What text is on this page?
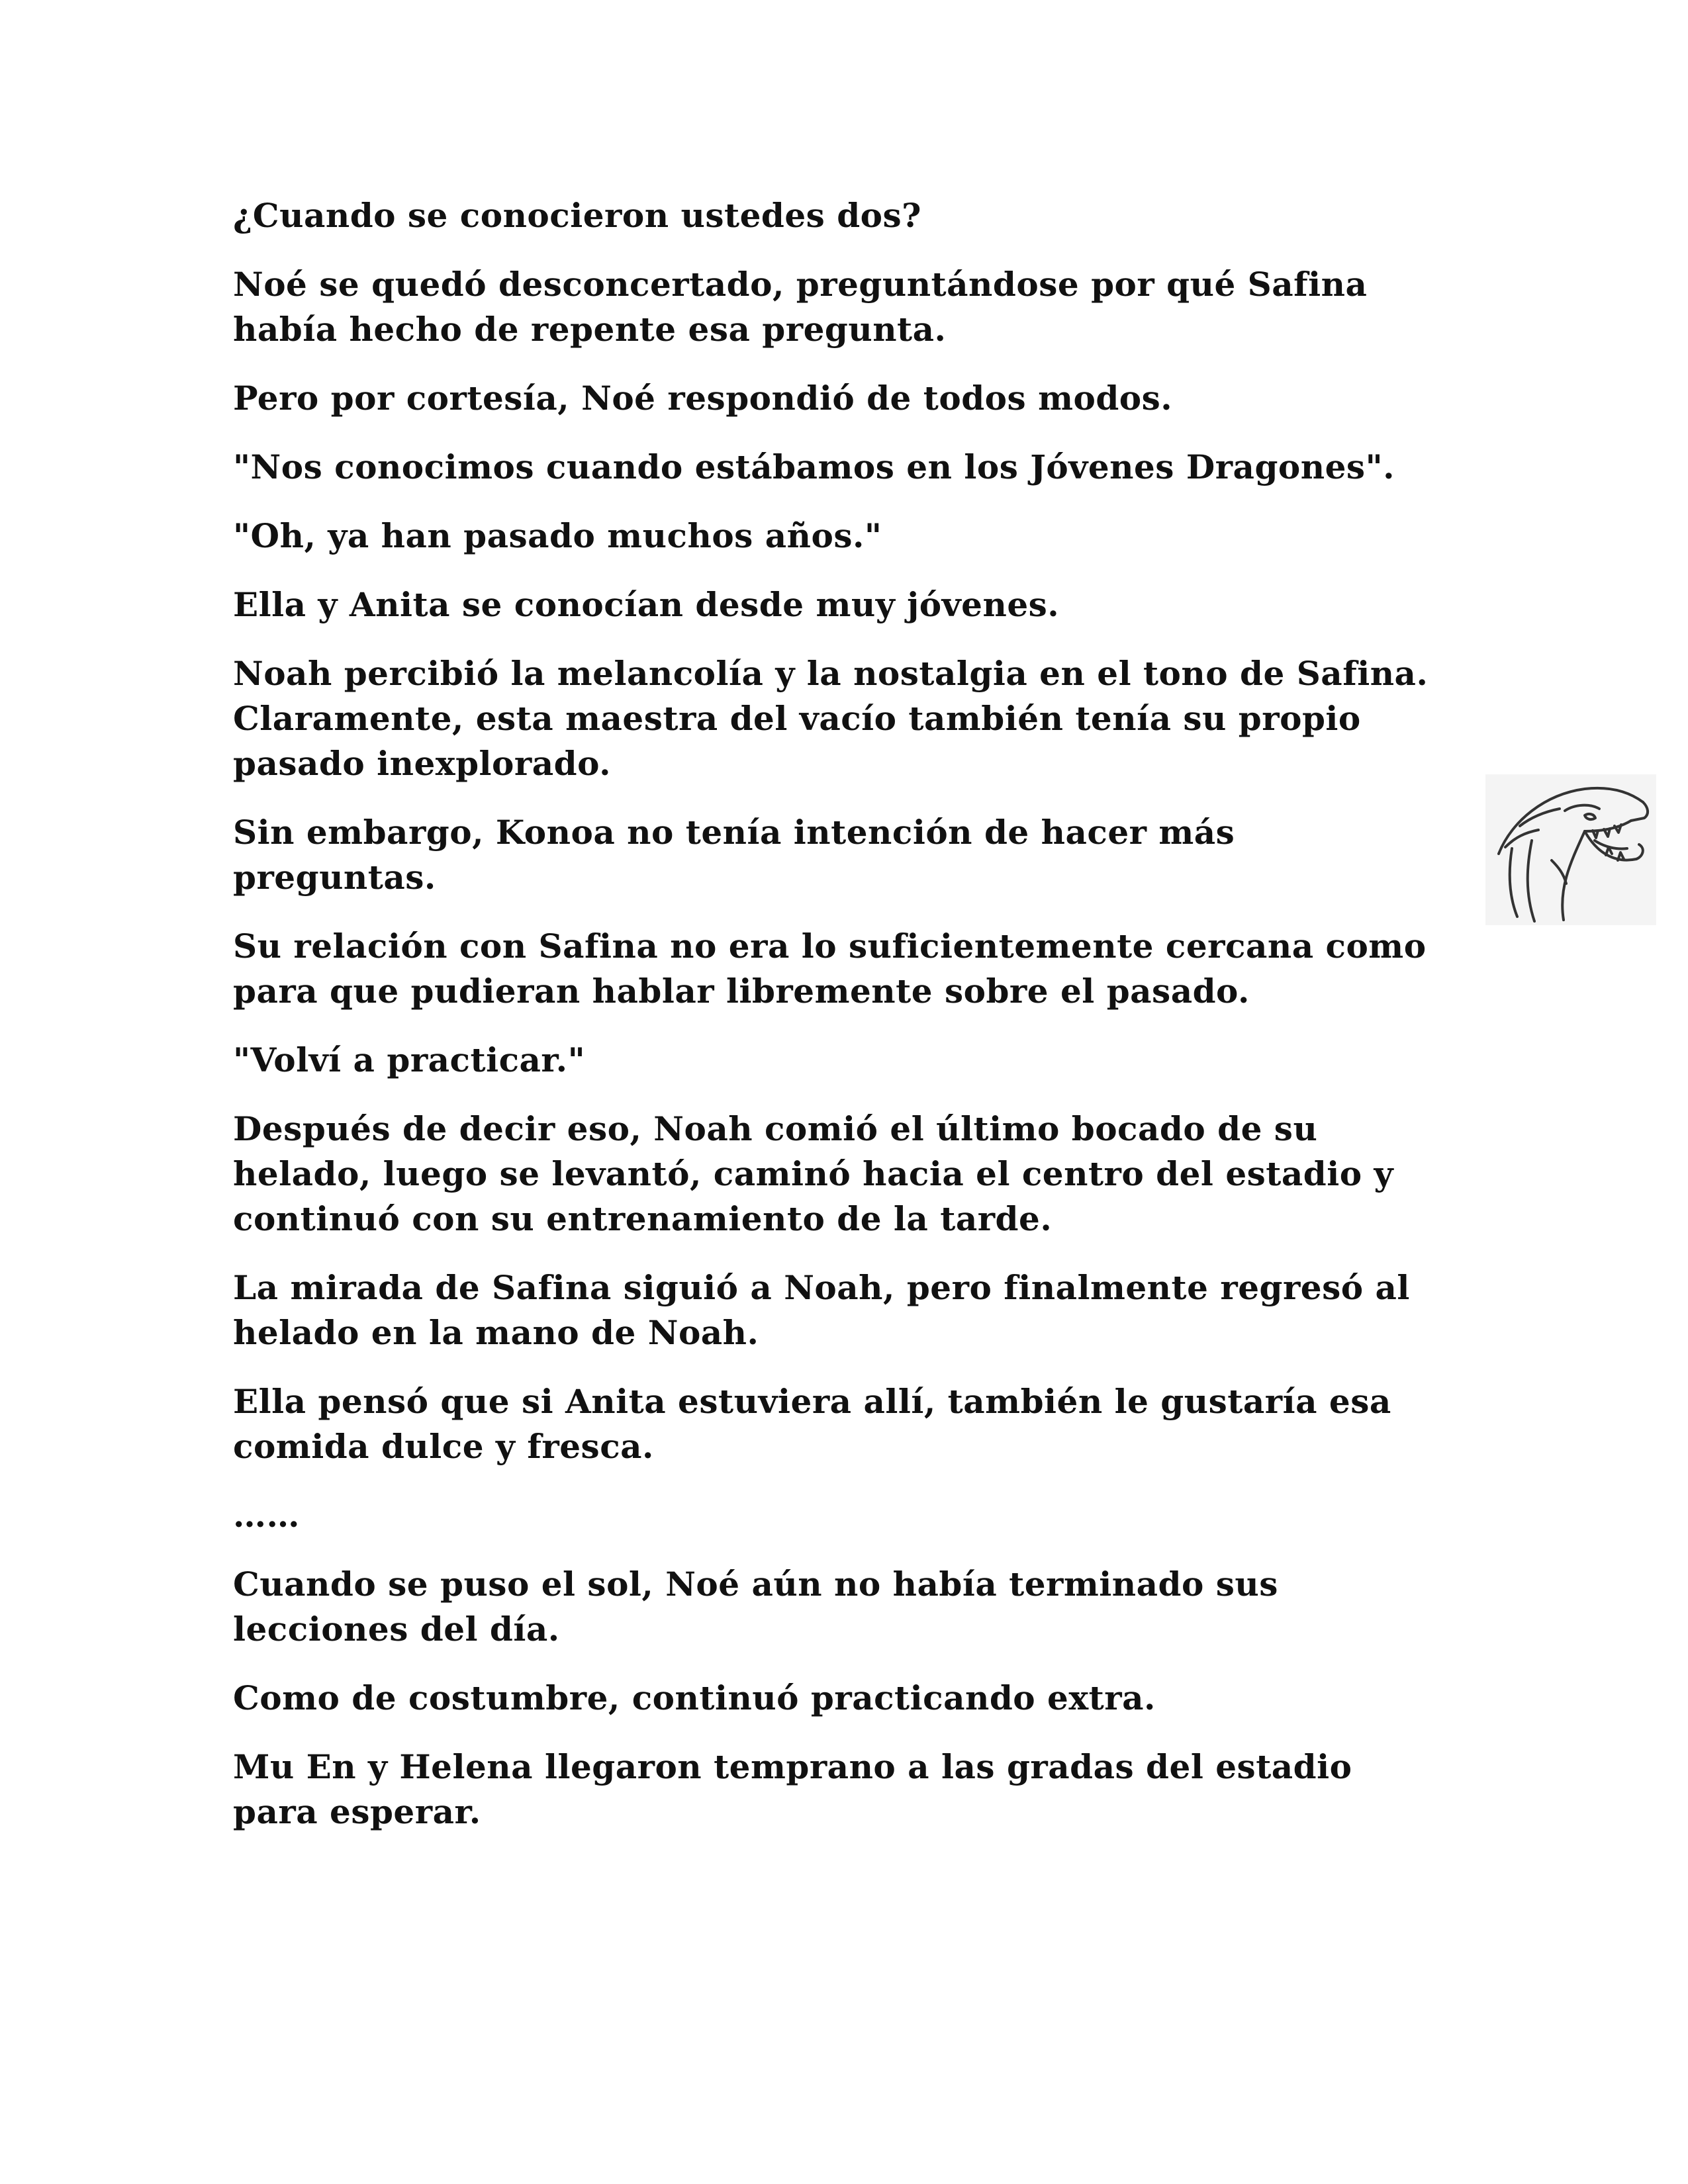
¿Cuando se conocieron ustedes dos?

Noé se quedó desconcertado, preguntándose por qué Safina
había hecho de repente esa pregunta.

Pero por cortesía, Noé respondió de todos modos.

"Nos conocimos cuando estábamos en los Jóvenes Dragones".

"Oh, ya han pasado muchos años."

Ella y Anita se conocían desde muy jóvenes.

Noah percibió la melancolía y la nostalgia en el tono de Safina.
Claramente, esta maestra del vacío también tenía su propio
pasado inexplorado.

Sin embargo, Konoa no tenía intención de hacer más
preguntas.

Su relación con Safina no era lo suficientemente cercana como
para que pudieran hablar libremente sobre el pasado.

"Volví a practicar."

Después de decir eso, Noah comió el último bocado de su
helado, luego se levantó, caminó hacia el centro del estadio y
continuó con su entrenamiento de la tarde.

La mirada de Safina siguió a Noah, pero finalmente regresó al
helado en la mano de Noah.

Ella pensó que si Anita estuviera allí, también le gustaría esa
comida dulce y fresca.

……

Cuando se puso el sol, Noé aún no había terminado sus
lecciones del día.

Como de costumbre, continuó practicando extra.

Mu En y Helena llegaron temprano a las gradas del estadio
para esperar.
